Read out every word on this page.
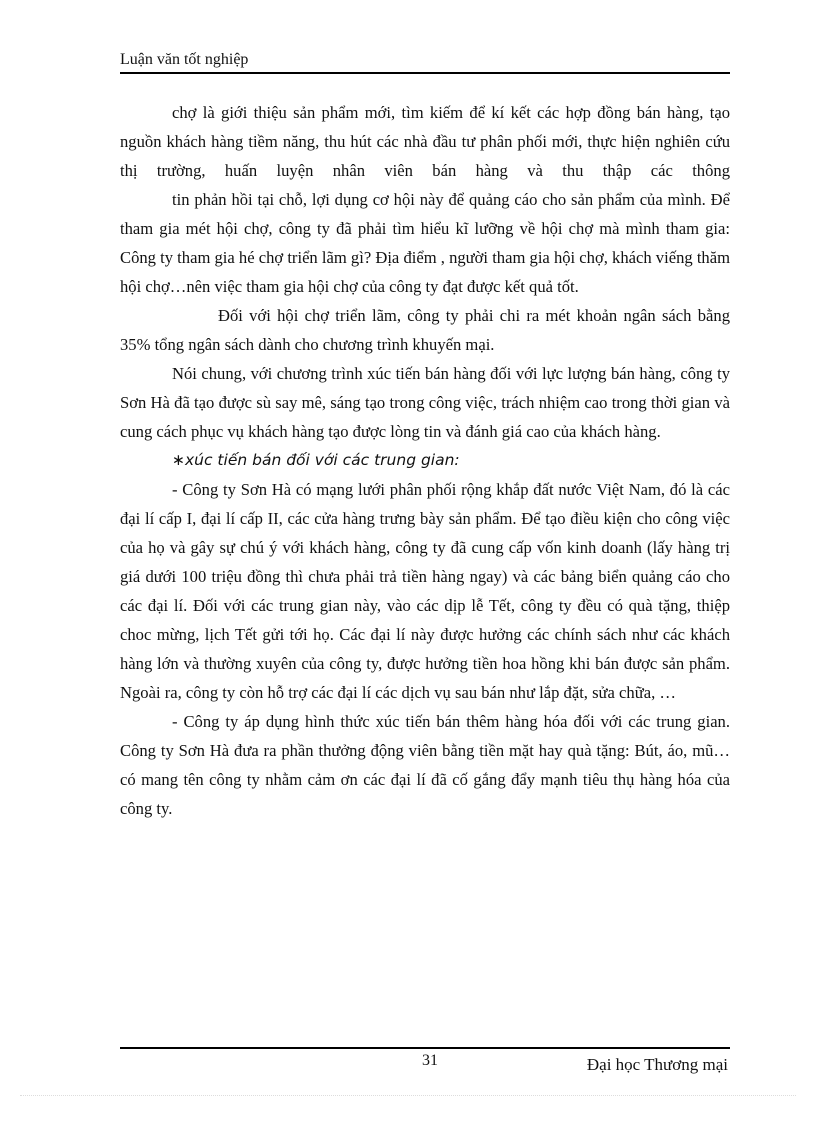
Luận văn tốt nghiệp

chợ là giới thiệu sản phẩm mới, tìm kiếm để kí kết các hợp đồng bán hàng, tạo nguồn khách hàng tiềm năng, thu hút các nhà đầu tư phân phối mới, thực hiện nghiên cứu thị trường, huấn luyện nhân viên bán hàng và thu thập các thông

tin phản hồi tại chỗ, lợi dụng cơ hội này để quảng cáo cho sản phẩm của mình. Để tham gia mét hội chợ, công ty đã phải tìm hiểu kĩ lưỡng về hội chợ mà mình tham gia: Công ty tham gia hé chợ triển lãm gì? Địa điểm , người tham gia hội chợ, khách viếng thăm hội chợ…nên việc tham gia hội chợ của công ty đạt được kết quả tốt.

Đối với hội chợ triển lãm, công ty phải chi ra mét khoản ngân sách bằng 35% tổng ngân sách dành cho chương trình khuyến mại.

Nói chung, với chương trình xúc tiến bán hàng đối với lực lượng bán hàng, công ty Sơn Hà đã tạo được sù say mê, sáng tạo trong công việc, trách nhiệm cao trong thời gian và cung cách phục vụ khách hàng tạo được lòng tin và đánh giá cao của khách hàng.

∗xúc tiến bán đối với các trung gian:

- Công ty Sơn Hà có mạng lưới phân phối rộng khắp đất nước Việt Nam, đó là các đại lí cấp I, đại lí cấp II, các cửa hàng trưng bày sản phẩm. Để tạo điều kiện cho công việc của họ và gây sự chú ý với khách hàng, công ty đã cung cấp vốn kinh doanh (lấy hàng trị giá dưới 100 triệu đồng thì chưa phải trả tiền hàng ngay) và các bảng biển quảng cáo cho các đại lí. Đối với các trung gian này, vào các dịp lễ Tết, công ty đều có quà tặng, thiệp choc mừng, lịch Tết gửi tới họ. Các đại lí này được hưởng các chính sách như các khách hàng lớn và thường xuyên của công ty, được hưởng tiền hoa hồng khi bán được sản phẩm. Ngoài ra, công ty còn hỗ trợ các đại lí các dịch vụ sau bán như lắp đặt, sửa chữa, …

- Công ty áp dụng hình thức xúc tiến bán thêm hàng hóa đối với các trung gian. Công ty Sơn Hà đưa ra phần thưởng động viên bằng tiền mặt hay quà tặng: Bút, áo, mũ…có mang tên công ty nhằm cảm ơn các đại lí đã cố gắng đẩy mạnh tiêu thụ hàng hóa của công ty.

31	Đại học Thương mại
